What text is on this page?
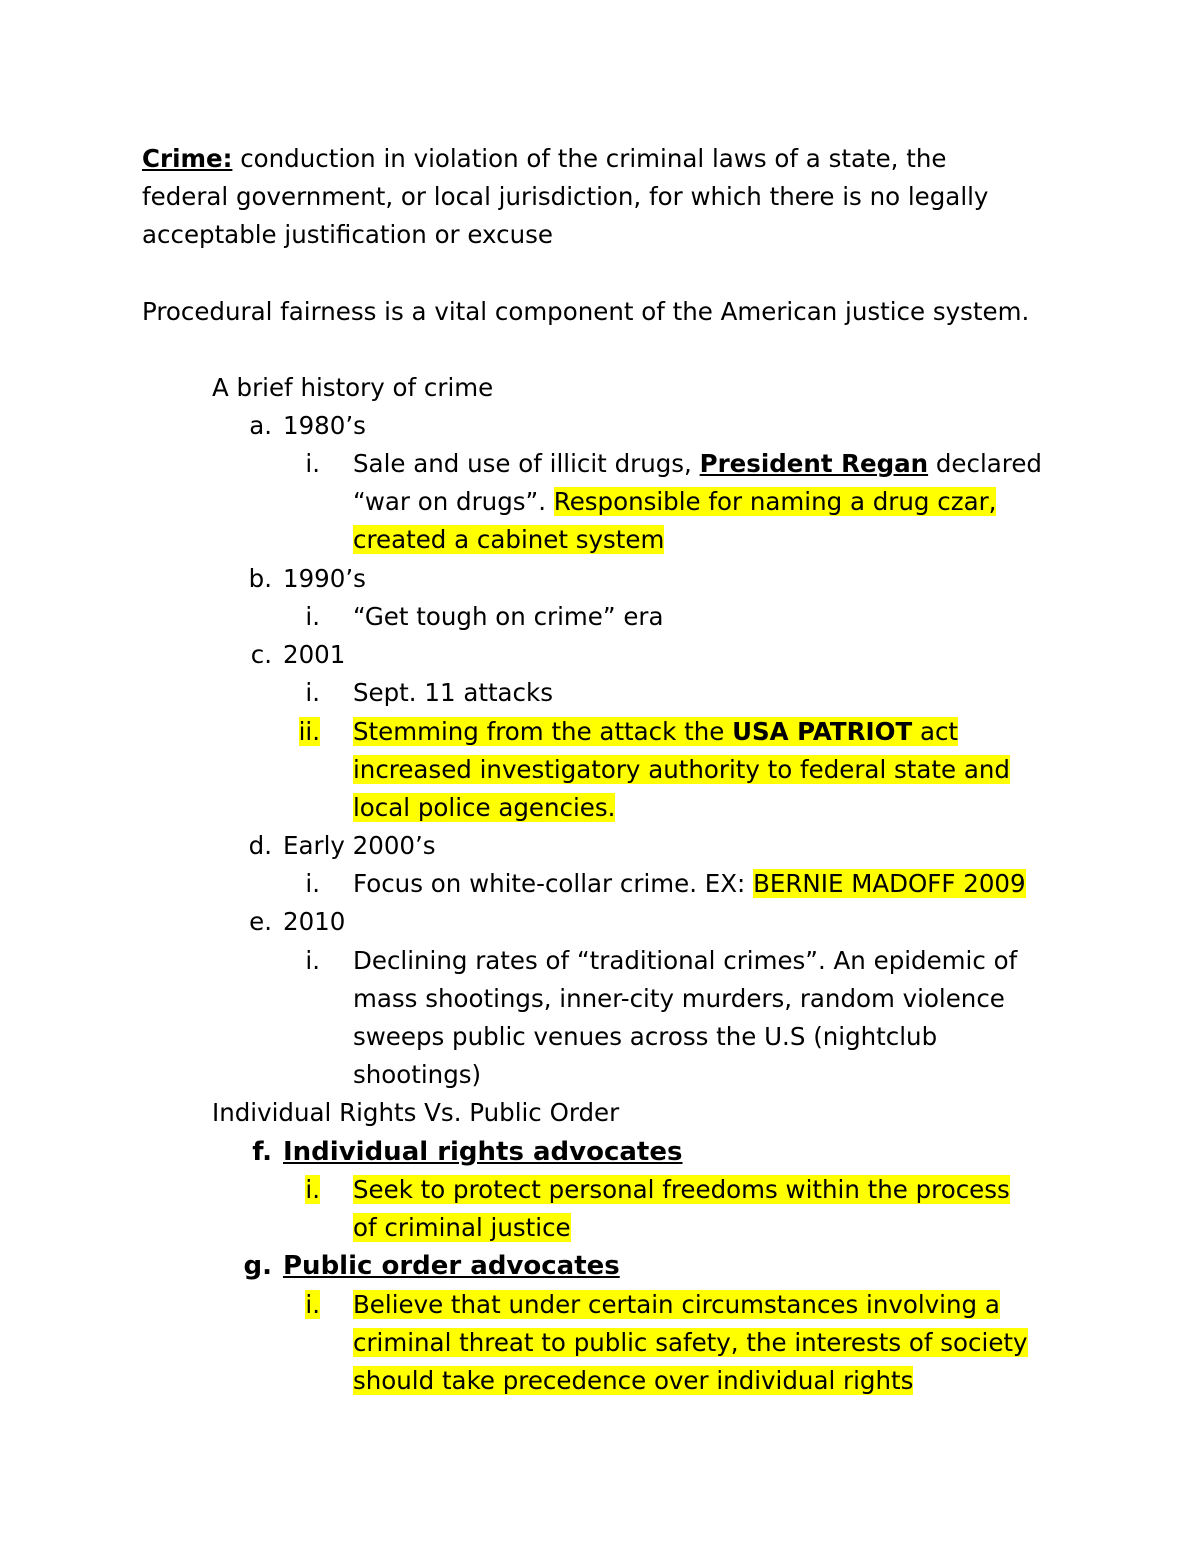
Crime: conduction in violation of the criminal laws of a state, the
federal government, or local jurisdiction, for which there is no legally
acceptable justification or excuse
Procedural fairness is a vital component of the American justice system.
A brief history of crime
a. 1980’s
i. Sale and use of illicit drugs, President Regan declared
“war on drugs”. Responsible for naming a drug czar,
created a cabinet system
b. 1990’s
i. “Get tough on crime” era
c. 2001
i. Sept. 11 attacks
ii. Stemming from the attack the USA PATRIOT act
increased investigatory authority to federal state and
local police agencies.
d. Early 2000’s
i. Focus on white-collar crime. EX: BERNIE MADOFF 2009
e. 2010
i. Declining rates of “traditional crimes”. An epidemic of
mass shootings, inner-city murders, random violence
sweeps public venues across the U.S (nightclub
shootings)
Individual Rights Vs. Public Order
f. Individual rights advocates
i. Seek to protect personal freedoms within the process
of criminal justice
g. Public order advocates
i. Believe that under certain circumstances involving a
criminal threat to public safety, the interests of society
should take precedence over individual rights
